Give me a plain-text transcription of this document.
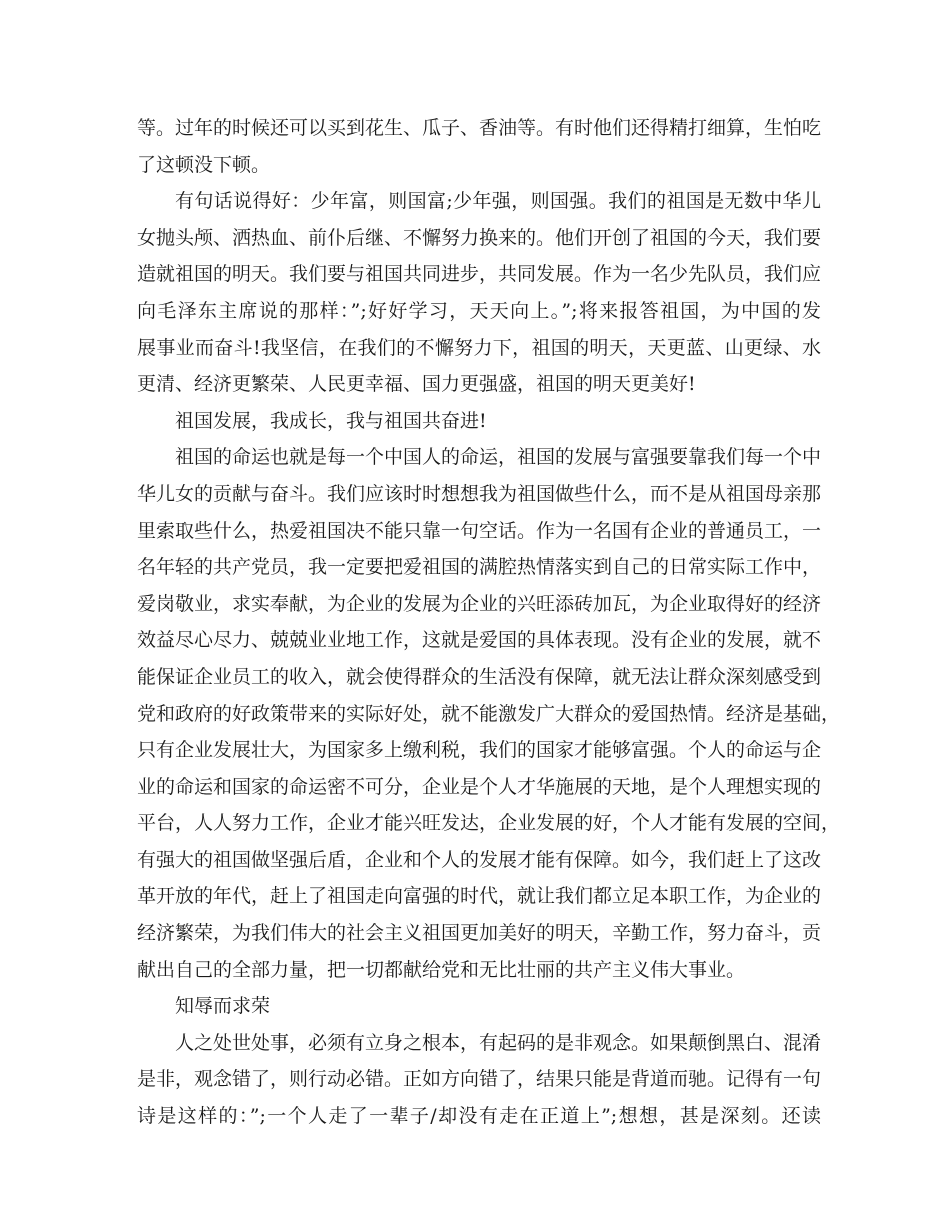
等。过年的时候还可以买到花生、瓜子、香油等。有时他们还得精打细算，生怕吃
了这顿没下顿。
有句话说得好：少年富，则国富;少年强，则国强。我们的祖国是无数中华儿
女抛头颅、洒热血、前仆后继、不懈努力换来的。他们开创了祖国的今天，我们要
造就祖国的明天。我们要与祖国共同进步，共同发展。作为一名少先队员，我们应
向毛泽东主席说的那样：”;好好学习，天天向上。”;将来报答祖国，为中国的发
展事业而奋斗!我坚信，在我们的不懈努力下，祖国的明天，天更蓝、山更绿、水
更清、经济更繁荣、人民更幸福、国力更强盛，祖国的明天更美好!
祖国发展，我成长，我与祖国共奋进!
祖国的命运也就是每一个中国人的命运，祖国的发展与富强要靠我们每一个中
华儿女的贡献与奋斗。我们应该时时想想我为祖国做些什么，而不是从祖国母亲那
里索取些什么，热爱祖国决不能只靠一句空话。作为一名国有企业的普通员工，一
名年轻的共产党员，我一定要把爱祖国的满腔热情落实到自己的日常实际工作中，
爱岗敬业，求实奉献，为企业的发展为企业的兴旺添砖加瓦，为企业取得好的经济
效益尽心尽力、兢兢业业地工作，这就是爱国的具体表现。没有企业的发展，就不
能保证企业员工的收入，就会使得群众的生活没有保障，就无法让群众深刻感受到
党和政府的好政策带来的实际好处，就不能激发广大群众的爱国热情。经济是基础，
只有企业发展壮大，为国家多上缴利税，我们的国家才能够富强。个人的命运与企
业的命运和国家的命运密不可分，企业是个人才华施展的天地，是个人理想实现的
平台，人人努力工作，企业才能兴旺发达，企业发展的好，个人才能有发展的空间，
有强大的祖国做坚强后盾，企业和个人的发展才能有保障。如今，我们赶上了这改
革开放的年代，赶上了祖国走向富强的时代，就让我们都立足本职工作，为企业的
经济繁荣，为我们伟大的社会主义祖国更加美好的明天，辛勤工作，努力奋斗，贡
献出自己的全部力量，把一切都献给党和无比壮丽的共产主义伟大事业。
知辱而求荣
人之处世处事，必须有立身之根本，有起码的是非观念。如果颠倒黑白、混淆
是非，观念错了，则行动必错。正如方向错了，结果只能是背道而驰。记得有一句
诗是这样的：”;一个人走了一辈子/却没有走在正道上”;想想，甚是深刻。还读
